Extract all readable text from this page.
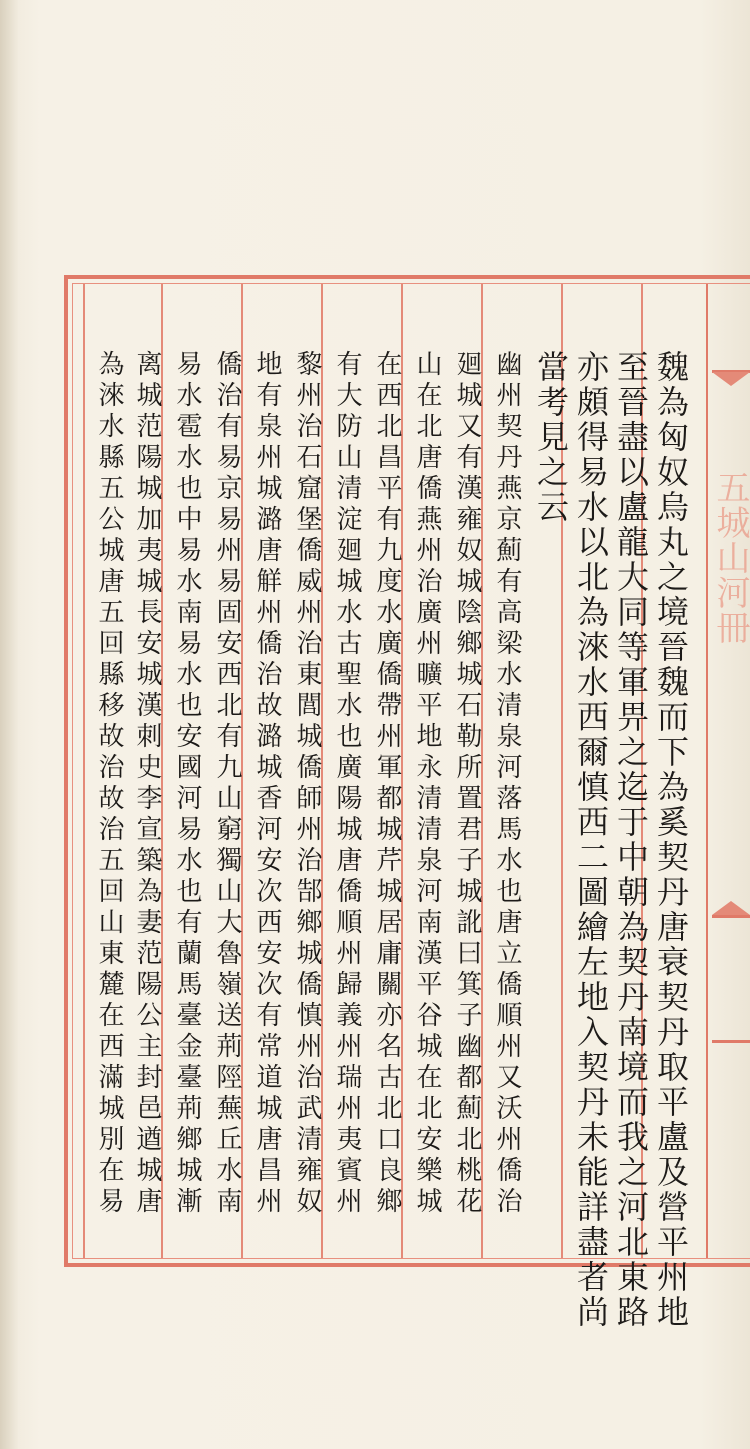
五城山河冊
魏為匈奴烏丸之境晉魏而下為奚契丹唐衰契丹取平盧及營平州地
至晉盡以盧龍大同等軍畀之迄于中朝為契丹南境而我之河北東路
亦頗得易水以北為淶水西爾慎西二圖繪左地入契丹未能詳盡者尚
當考見之云
幽州契丹燕京薊有高梁水清泉河落馬水也唐立僑順州又沃州僑治
廻城又有漢雍奴城陰鄉城石勒所置君子城訛曰箕子幽都薊北桃花
山在北唐僑燕州治廣州曠平地永清清泉河南漢平谷城在北安樂城
在西北昌平有九度水廣僑帶州軍都城芹城居庸關亦名古北口良鄉
有大防山清淀廻城水古聖水也廣陽城唐僑順州歸義州瑞州夷賓州
黎州治石窟堡僑威州治東閭城僑師州治郜鄉城僑慎州治武清雍奴
地有泉州城潞唐觧州僑治故潞城香河安次西安次有常道城唐昌州
僑治有易京易州易固安西北有九山窮獨山大魯嶺送荊陘蕪丘水南
易水雹水也中易水南易水也安國河易水也有蘭馬臺金臺荊鄉城漸
离城范陽城加夷城長安城漢刺史李宣築為妻范陽公主封邑遒城唐
為淶水縣五公城唐五回縣移故治故治五回山東麓在西滿城別在易
